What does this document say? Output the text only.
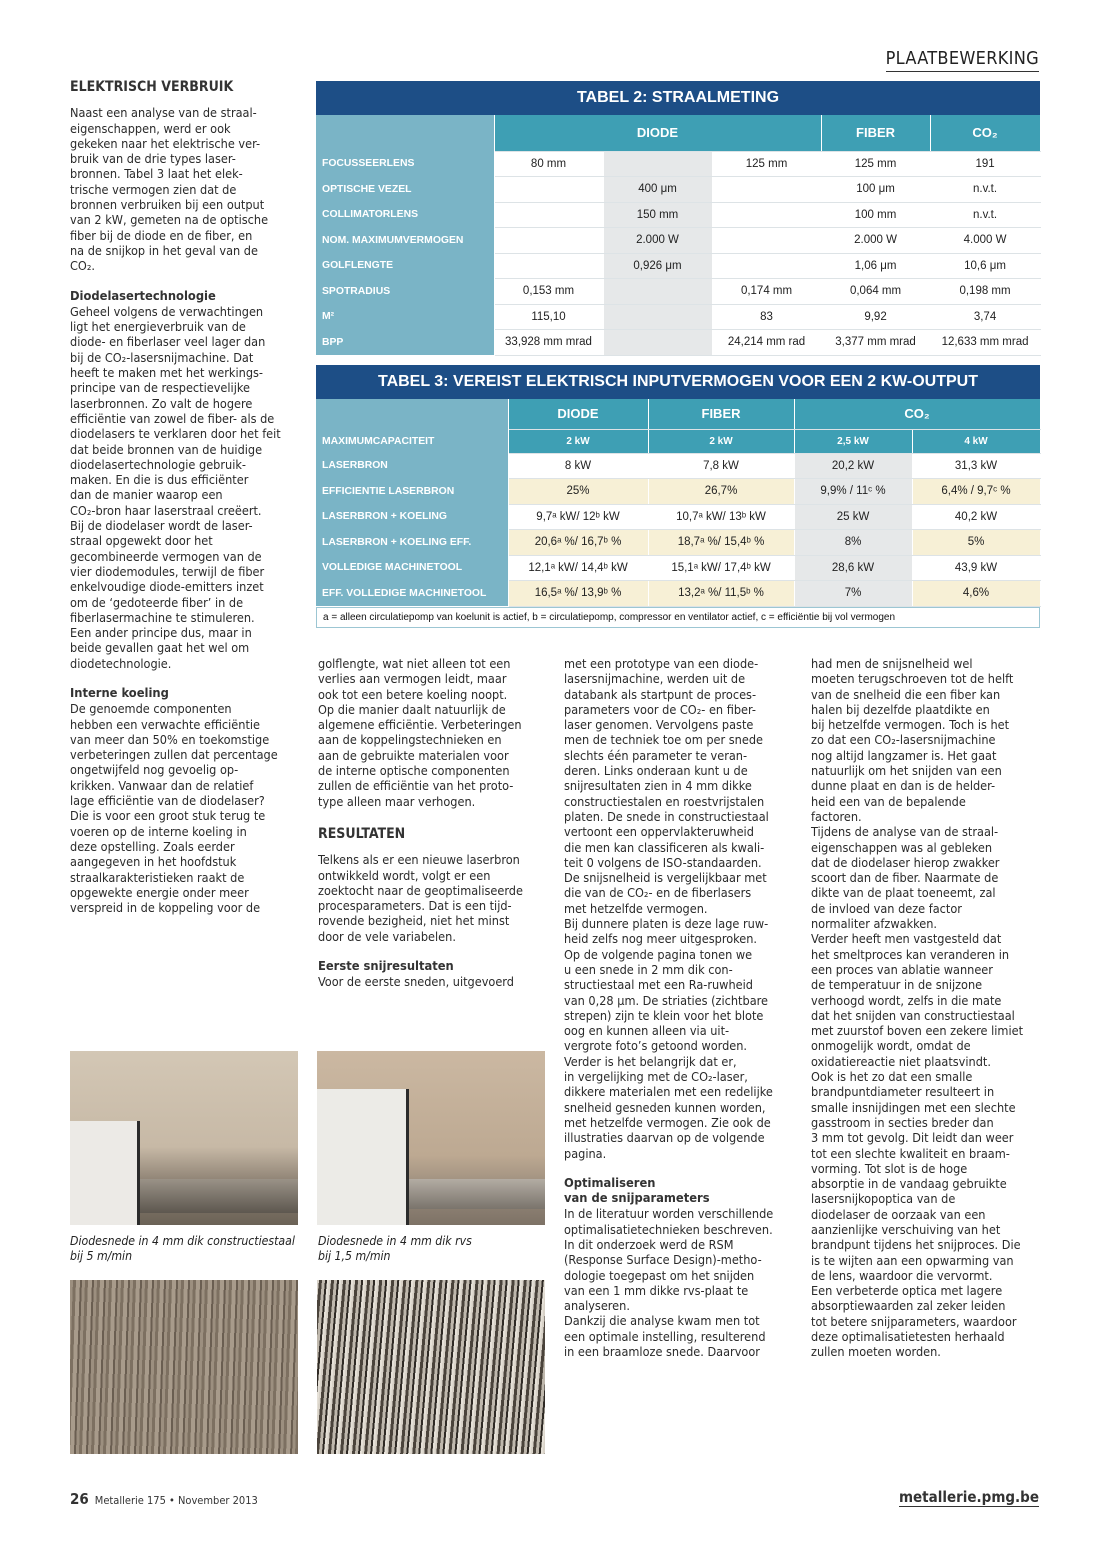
PLAATBEWERKING
ELEKTRISCH VERBRUIK

Naast een analyse van de straal-
eigenschappen, werd er ook
gekeken naar het elektrische ver-
bruik van de drie types laser-
bronnen. Tabel 3 laat het elek-
trische vermogen zien dat de
bronnen verbruiken bij een output
van 2 kW, gemeten na de optische
fiber bij de diode en de fiber, en
na de snijkop in het geval van de
CO₂.

Diodelasertechnologie

Geheel volgens de verwachtingen
ligt het energieverbruik van de
diode- en fiberlaser veel lager dan
bij de CO₂-lasersnijmachine. Dat
heeft te maken met het werkings-
principe van de respectievelijke
laserbronnen. Zo valt de hogere
efficiëntie van zowel de fiber- als de
diodelasers te verklaren door het feit
dat beide bronnen van de huidige
diodelasertechnologie gebruik-
maken. En die is dus efficiënter
dan de manier waarop een
CO₂-bron haar laserstraal creëert.
Bij de diodelaser wordt de laser-
straal opgewekt door het
gecombineerde vermogen van de
vier diodemodules, terwijl de fiber
enkelvoudige diode-emitters inzet
om de ‘gedoteerde fiber’ in de
fiberlasermachine te stimuleren.
Een ander principe dus, maar in
beide gevallen gaat het wel om
diodetechnologie.

Interne koeling

De genoemde componenten
hebben een verwachte efficiëntie
van meer dan 50% en toekomstige
verbeteringen zullen dat percentage
ongetwijfeld nog gevoelig op-
krikken. Vanwaar dan de relatief
lage efficiëntie van de diodelaser?
Die is voor een groot stuk terug te
voeren op de interne koeling in
deze opstelling. Zoals eerder
aangegeven in het hoofdstuk
straalkarakteristieken raakt de
opgewekte energie onder meer
verspreid in de koppeling voor de

TABEL 2: STRAALMETING
	DIODE			FIBER	CO₂
FOCUSSEERLENS	80 mm		125 mm	125 mm	191
OPTISCHE VEZEL		400 μm		100 μm	n.v.t.
COLLIMATORLENS		150 mm		100 mm	n.v.t.
NOM. MAXIMUMVERMOGEN		2.000 W		2.000 W	4.000 W
GOLFLENGTE		0,926 μm		1,06 μm	10,6 μm
SPOTRADIUS	0,153 mm		0,174 mm	0,064 mm	0,198 mm
M²	115,10		83	9,92	3,74
BPP	33,928 mm mrad		24,214 mm rad	3,377 mm mrad	12,633 mm mrad
TABEL 3: VEREIST ELEKTRISCH INPUTVERMOGEN VOOR EEN 2 KW-OUTPUT
	DIODE	FIBER	CO₂	
MAXIMUMCAPACITEIT	2 kW	2 kW	2,5 kW	4 kW
LASERBRON	8 kW	7,8 kW	20,2 kW	31,3 kW
EFFICIENTIE LASERBRON	25%	26,7%	9,9% / 11ᶜ %	6,4% / 9,7ᶜ %
LASERBRON + KOELING	9,7ᵃ kW/ 12ᵇ kW	10,7ᵃ kW/ 13ᵇ kW	25 kW	40,2 kW
LASERBRON + KOELING EFF.	20,6ᵃ %/ 16,7ᵇ %	18,7ᵃ %/ 15,4ᵇ %	8%	5%
VOLLEDIGE MACHINETOOL	12,1ᵃ kW/ 14,4ᵇ kW	15,1ᵃ kW/ 17,4ᵇ kW	28,6 kW	43,9 kW
EFF. VOLLEDIGE MACHINETOOL	16,5ᵃ %/ 13,9ᵇ %	13,2ᵃ %/ 11,5ᵇ %	7%	4,6%
a = alleen circulatiepomp van koelunit is actief, b = circulatiepomp, compressor en ventilator actief, c = efficiëntie bij vol vermogen

golflengte, wat niet alleen tot een
verlies aan vermogen leidt, maar
ook tot een betere koeling noopt.
Op die manier daalt natuurlijk de
algemene efficiëntie. Verbeteringen
aan de koppelingstechnieken en
aan de gebruikte materialen voor
de interne optische componenten
zullen de efficiëntie van het proto-
type alleen maar verhogen.

RESULTATEN

Telkens als er een nieuwe laserbron
ontwikkeld wordt, volgt er een
zoektocht naar de geoptimaliseerde
procesparameters. Dat is een tijd-
rovende bezigheid, niet het minst
door de vele variabelen.

Eerste snijresultaten

Voor de eerste sneden, uitgevoerd

met een prototype van een diode-
lasersnijmachine, werden uit de
databank als startpunt de proces-
parameters voor de CO₂- en fiber-
laser genomen. Vervolgens paste
men de techniek toe om per snede
slechts één parameter te veran-
deren. Links onderaan kunt u de
snijresultaten zien in 4 mm dikke
constructiestalen en roestvrijstalen
platen. De snede in constructiestaal
vertoont een oppervlakteruwheid
die men kan classificeren als kwali-
teit 0 volgens de ISO-standaarden.
De snijsnelheid is vergelijkbaar met
die van de CO₂- en de fiberlasers
met hetzelfde vermogen.
Bij dunnere platen is deze lage ruw-
heid zelfs nog meer uitgesproken.
Op de volgende pagina tonen we
u een snede in 2 mm dik con-
structiestaal met een Ra-ruwheid
van 0,28 μm. De striaties (zichtbare
strepen) zijn te klein voor het blote
oog en kunnen alleen via uit-
vergrote foto’s getoond worden.
Verder is het belangrijk dat er,
in vergelijking met de CO₂-laser,
dikkere materialen met een redelijke
snelheid gesneden kunnen worden,
met hetzelfde vermogen. Zie ook de
illustraties daarvan op de volgende
pagina.

Optimaliseren
van de snijparameters

In de literatuur worden verschillende
optimalisatietechnieken beschreven.
In dit onderzoek werd de RSM
(Response Surface Design)-metho-
dologie toegepast om het snijden
van een 1 mm dikke rvs-plaat te
analyseren.
Dankzij die analyse kwam men tot
een optimale instelling, resulterend
in een braamloze snede. Daarvoor

had men de snijsnelheid wel
moeten terugschroeven tot de helft
van de snelheid die een fiber kan
halen bij dezelfde plaatdikte en
bij hetzelfde vermogen. Toch is het
zo dat een CO₂-lasersnijmachine
nog altijd langzamer is. Het gaat
natuurlijk om het snijden van een
dunne plaat en dan is de helder-
heid een van de bepalende
factoren.
Tijdens de analyse van de straal-
eigenschappen was al gebleken
dat de diodelaser hierop zwakker
scoort dan de fiber. Naarmate de
dikte van de plaat toeneemt, zal
de invloed van deze factor
normaliter afzwakken.
Verder heeft men vastgesteld dat
het smeltproces kan veranderen in
een proces van ablatie wanneer
de temperatuur in de snijzone
verhoogd wordt, zelfs in die mate
dat het snijden van constructiestaal
met zuurstof boven een zekere limiet
onmogelijk wordt, omdat de
oxidatiereactie niet plaatsvindt.
Ook is het zo dat een smalle
brandpuntdiameter resulteert in
smalle insnijdingen met een slechte
gasstroom in secties breder dan
3 mm tot gevolg. Dit leidt dan weer
tot een slechte kwaliteit en braam-
vorming. Tot slot is de hoge
absorptie in de vandaag gebruikte
lasersnijkopoptica van de
diodelaser de oorzaak van een
aanzienlijke verschuiving van het
brandpunt tijdens het snijproces. Die
is te wijten aan een opwarming van
de lens, waardoor die vervormt.
Een verbeterde optica met lagere
absorptiewaarden zal zeker leiden
tot betere snijparameters, waardoor
deze optimalisatietesten herhaald
zullen moeten worden.

Diodesnede in 4 mm dik constructiestaal
bij 5 m/min
Diodesnede in 4 mm dik rvs
bij 1,5 m/min
26 Metallerie 175 • November 2013	metallerie.pmg.be
